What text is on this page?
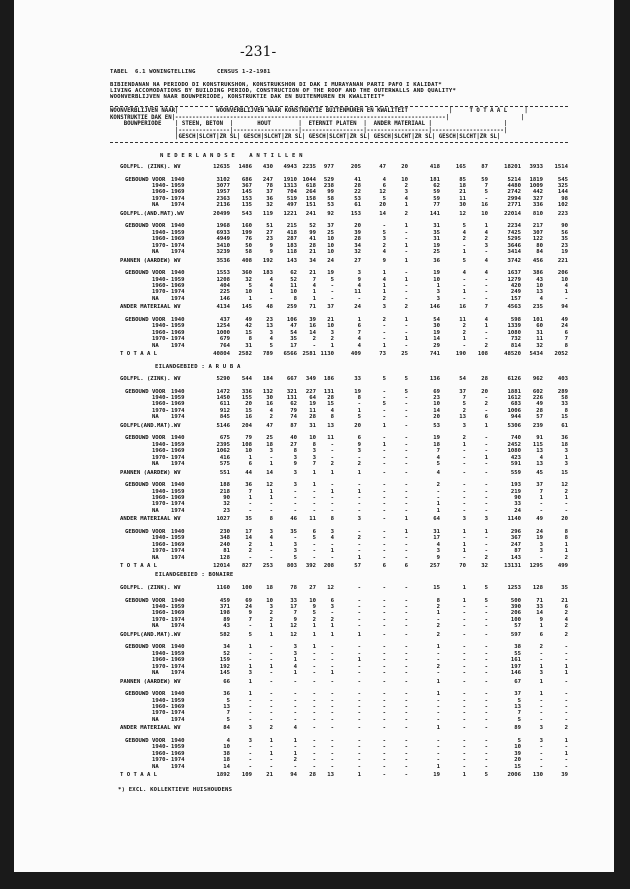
-231-
TABEL  6.1 WONINGTELLING      CENSUS 1-2-1981
BIBIENDANAN NA PERIODO DI KONSTRUKSHON, KONSTRUKSHON DI DAK I MURAYANAN PARTI PAFO I KALIDAT*
LIVING ACCOMODATIONS BY BUILDING PERIOD, CONSTRUCTION OF THE ROOF AND THE OUTERWALLS AND QUALITY*
WOONVERBLIJVEN NAAR BOUWPERIODE, KONSTRUKTIE DAK EN BUITENMUREN EN KWALITEIT*
WOONVERBLIJVEN NAAR|           WOONVERBLIJVEN NAAR KONSTRUKTIE BUITENMUREN EN KWALITEIT            |     T O T A A L     |
KONSTRUKTIE DAK EN|-------------------------------------------------------------------------------|                     |
BOUWPERIODE    | STEEN, BETON  |       HOUT        |  ETERNIT PLATEN  |  ANDER MATERIAAL |                     |
|---------------|-------------------|------------------|------------------|---------------------|
|GESCH|SLCHT|ZR SL| GESCH|SLCHT|ZR SL| GESCH|SLCHT|ZR SL| GESCH|SLCHT|ZR SL| GESCH|SLCHT|ZR SL|
N E D E R L A N D S E    A N T I L L E N
GOLFPL. (ZINK). WV	12635	1486	430	4943 2235	977	205	47	20	418	165	87	18201	3933	1514
GEBOUWD VOOR 1940	3102	686	247	1910 1044	529	41	4	10	181	85	59	5214	1819	545
1940- 1959	3077	367	78	1313	618	238	28	6	2	62	18	7	4480	1009	325
1960- 1969	1957	145	37	704	264	99	22	12	3	59	21	5	2742	442	144
1970- 1974	2363	153	36	519	158	58	53	5	4	59	11	-	2994	327	98
NA 1974	2136	135	32	497	151	53	61	20	1	77	30	16	2771	336	102
GOLFPL.(AND.MAT).WV	20499	543	119	1221	241	92	153	14	2	141	12	10	22014	810	223
GEBOUWD VOOR 1940	1968	160	51	215	52	37	20	-	1	31	5	1	2234	217	90
1940- 1959	6933	199	27	418	99	25	39	5	-	35	4	4	7425	307	56
1960- 1969	4949	76	23	287	41	10	28	3	-	31	2	2	5295	122	35
1970- 1974	3410	50	9	183	28	10	34	2	1	19	-	3	3646	80	23
NA 1974	3239	58	9	118	21	10	32	4	-	25	1	-	3414	84	19
PANNEN (AARDEW) WV	3536	408	192	143	34	24	27	9	1	36	5	4	3742	456	221
GEBOUWD VOOR 1940	1553	360	183	62	21	19	3	1	-	19	4	4	1637	386	206
1940- 1959	1208	32	4	52	7	5	9	4	1	10	-	-	1279	43	10
1960- 1969	404	5	4	11	4	-	4	1	-	1	-	-	420	10	4
1970- 1974	225	10	1	10	1	-	11	1	-	3	1	-	249	13	1
NA 1974	146	1	-	8	1	-	-	2	-	3	-	-	157	4	-
ANDER MATERIAAL WV	4134	145	48	259	71	37	24	3	2	146	16	7	4563	235	94
GEBOUWD VOOR 1940	437	49	23	106	39	21	1	2	1	54	11	4	598	101	49
1940- 1959	1254	42	13	47	16	10	6	-	-	30	2	1	1339	60	24
1960- 1969	1000	15	3	54	14	3	7	-	-	19	2	-	1080	31	6
1970- 1974	679	8	4	35	2	2	4	-	1	14	1	-	732	11	7
NA 1974	764	31	5	17	-	1	4	1	-	29	-	2	814	32	8
T O T A A L	40804	2582	789	6566 2581 1130	409	73	25	741	190	108	48520	5434	2052
EILANDGEBIED : A R U B A
GOLFPL. (ZINK). WV	5290	544	184	667	349	186	33	5	5	136	54	28	6126	962	403
GEBOUWD VOOR 1940	1472	336	132	321	227	131	19	-	5	69	37	20	1881	602	289
1940- 1959	1450	155	30	131	64	28	8	-	-	23	7	-	1612	226	58
1960- 1969	611	20	16	62	19	15	-	5	-	10	5	2	683	49	33
1970- 1974	912	15	4	79	11	4	1	-	-	14	2	-	1006	28	8
NA 1974	845	16	2	74	28	8	5	-	-	20	13	6	944	57	15
GOLFPL(AND.MAT).WV	5146	204	47	87	31	13	20	1	-	53	3	1	5306	239	61
GEBOUWD VOOR 1940	675	79	25	40	10	11	6	-	-	19	2	-	740	91	36
1940- 1959	2395	108	18	27	8	-	9	1	-	18	1	-	2452	115	18
1960- 1969	1062	10	3	8	3	-	3	-	-	7	-	-	1080	13	3
1970- 1974	416	1	-	3	3	-	-	-	-	4	-	1	423	4	1
NA 1974	575	6	1	9	7	2	2	-	-	5	-	-	591	13	3
PANNEN (AARDEW) WV	551	44	14	3	1	1	1	-	-	4	-	-	559	45	15
GEBOUWD VOOR 1940	188	36	12	3	1	-	-	-	-	2	-	-	193	37	12
1940- 1959	218	7	1	-	-	1	1	-	-	-	-	-	219	7	2
1960- 1969	90	1	1	-	-	-	-	-	-	-	-	-	90	1	1
1970- 1974	32	-	-	-	-	-	-	-	-	1	-	-	33	-	-
NA 1974	23	-	-	-	-	-	-	-	-	1	-	-	24	-	-
ANDER MATERIAAL WV	1027	35	8	46	11	8	3	-	1	64	3	3	1140	49	20
GEBOUWD VOOR 1940	230	17	3	35	6	3	-	-	1	31	1	1	296	24	8
1940- 1959	348	14	4	-	5	4	2	-	-	17	-	-	367	19	8
1960- 1969	240	2	1	3	-	-	-	-	-	4	1	-	247	3	1
1970- 1974	81	2	-	3	-	1	-	-	-	3	1	-	87	3	1
NA 1974	128	-	-	5	-	-	1	-	-	9	-	2	143	-	2
T O T A A L	12014	827	253	803	392	208	57	6	6	257	70	32	13131	1295	499
EILANDGEBIED : BONAIRE
GOLFPL. (ZINK). WV	1160	100	18	78	27	12	-	-	-	15	1	5	1253	128	35
GEBOUWD VOOR 1940	459	69	10	33	10	6	-	-	-	8	1	5	500	71	21
1940- 1959	371	24	3	17	9	3	-	-	-	2	-	-	390	33	6
1960- 1969	198	9	2	7	5	-	-	-	-	1	-	-	206	14	2
1970- 1974	89	7	2	9	2	2	-	-	-	-	-	-	100	9	4
NA 1974	43	-	1	12	1	1	-	-	-	2	-	-	57	1	2
GOLFPL(AND.MAT).WV	582	5	1	12	1	1	1	-	-	2	-	-	597	6	2
GEBOUWD VOOR 1940	34	1	-	3	1	-	-	-	-	1	-	-	38	2	-
1940- 1959	52	-	-	3	-	-	-	-	-	-	-	-	55	-	-
1960- 1969	159	-	-	1	-	-	1	-	-	-	-	-	161	-	-
1970- 1974	192	1	1	4	-	-	-	-	-	2	-	-	197	1	1
NA 1974	145	3	-	1	-	1	-	-	-	-	-	-	146	3	1
PANNEN (AARDEW) WV	66	1	-	-	-	-	-	-	-	1	-	-	67	1	-
GEBOUWD VOOR 1940	36	1	-	-	-	-	-	-	-	1	-	-	37	1	-
1940- 1959	5	-	-	-	-	-	-	-	-	-	-	-	5	-	-
1960- 1969	13	-	-	-	-	-	-	-	-	-	-	-	13	-	-
1970- 1974	7	-	-	-	-	-	-	-	-	-	-	-	7	-	-
NA 1974	5	-	-	-	-	-	-	-	-	-	-	-	5	-	-
ANDER MATERIAAL WV	84	3	2	4	-	-	-	-	-	1	-	-	89	3	2
GEBOUWD VOOR 1940	4	3	1	1	-	-	-	-	-	-	-	-	5	3	1
1940- 1959	10	-	-	-	-	-	-	-	-	-	-	-	10	-	-
1960- 1969	38	-	1	1	-	-	-	-	-	-	-	-	39	-	1
1970- 1974	18	-	-	2	-	-	-	-	-	-	-	-	20	-	-
NA 1974	14	-	-	-	-	-	-	-	-	1	-	-	15	-	-
T O T A A L	1892	109	21	94	28	13	1	-	-	19	1	5	2006	130	39
*) EXCL. KOLLEKTIEVE HUISHOUDENS
